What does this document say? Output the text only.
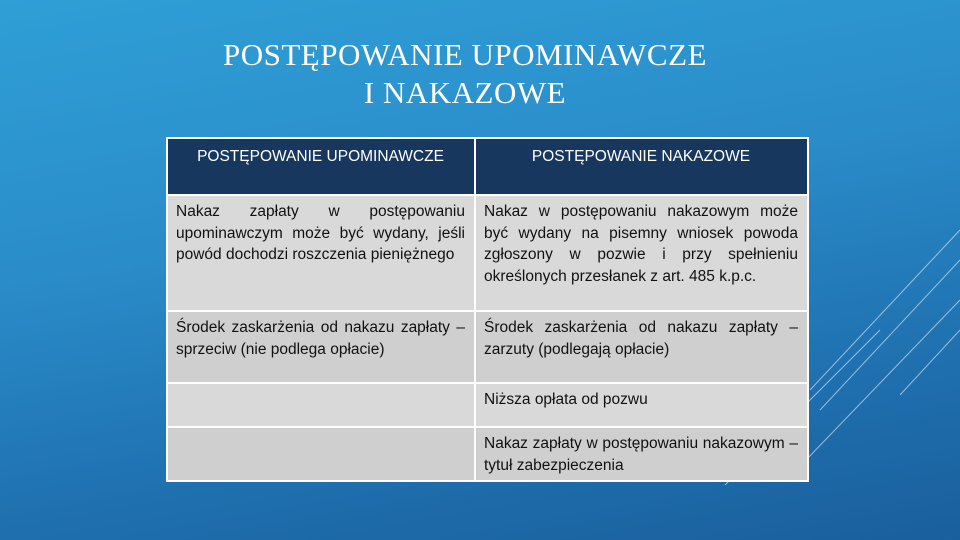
POSTĘPOWANIE UPOMINAWCZE
I NAKAZOWE
POSTĘPOWANIE UPOMINAWCZE	POSTĘPOWANIE NAKAZOWE
Nakaz zapłaty w postępowaniu upominawczym może być wydany, jeśli powód dochodzi roszczenia pieniężnego	Nakaz w postępowaniu nakazowym może być wydany na pisemny wniosek powoda zgłoszony w pozwie i przy spełnieniu określonych przesłanek z art. 485 k.p.c.
Środek zaskarżenia od nakazu zapłaty – sprzeciw (nie podlega opłacie)	Środek zaskarżenia od nakazu zapłaty – zarzuty (podlegają opłacie)
	Niższa opłata od pozwu
	Nakaz zapłaty w postępowaniu nakazowym – tytuł zabezpieczenia
